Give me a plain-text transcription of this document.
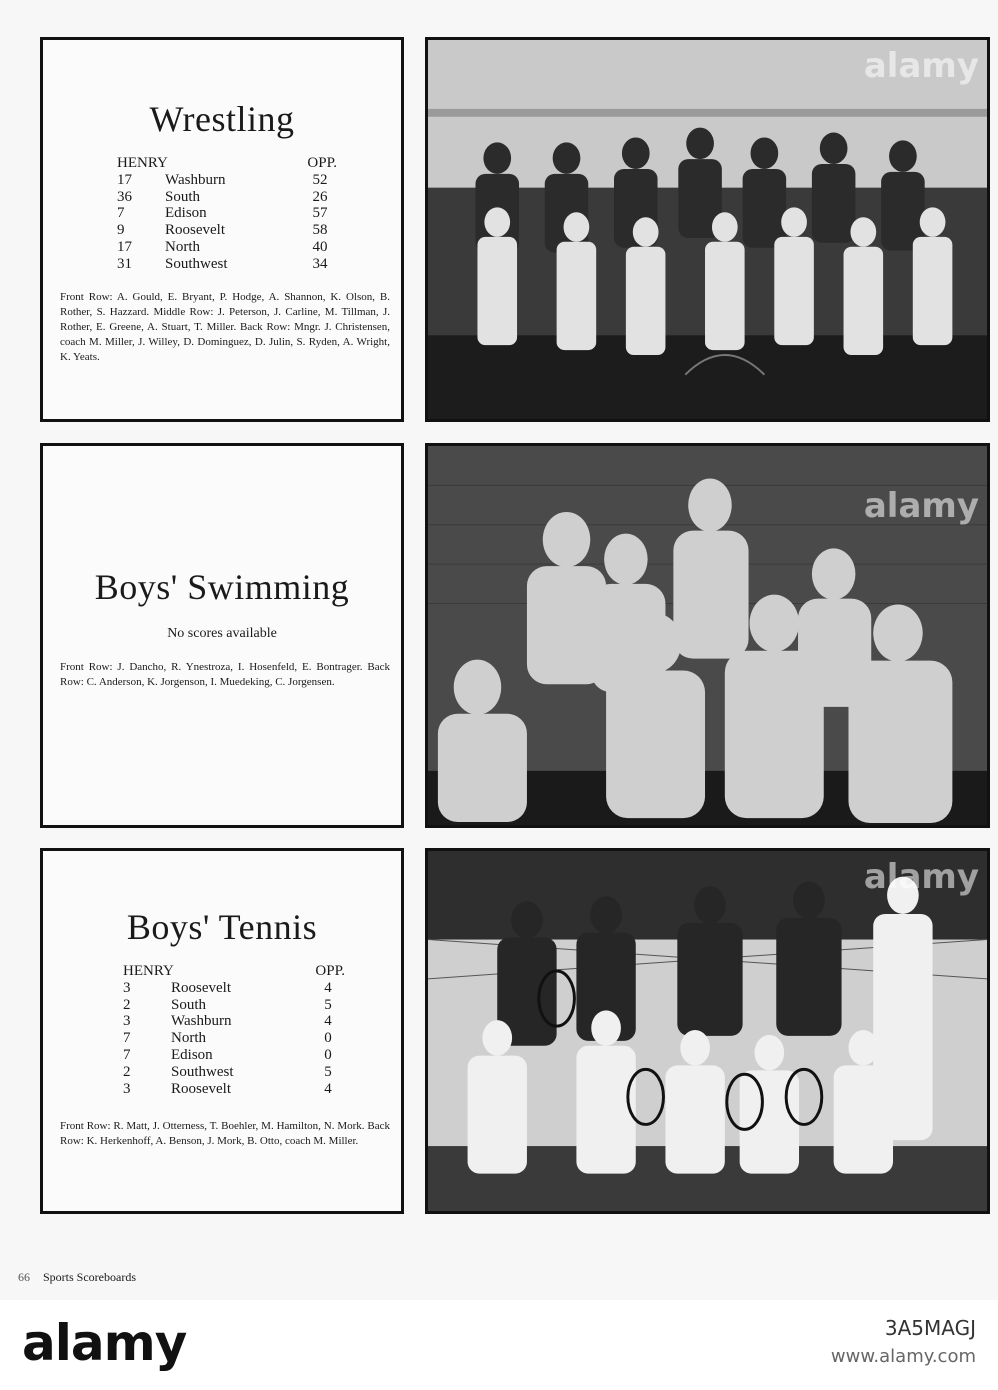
Wrestling
HENRY	OPP.
17	Washburn	52
36	South	26
7	Edison	57
9	Roosevelt	58
17	North	40
31	Southwest	34
Front Row: A. Gould, E. Bryant, P. Hodge, A. Shannon, K. Olson, B. Rother, S. Hazzard. Middle Row: J. Peterson, J. Carline, M. Tillman, J. Rother, E. Greene, A. Stuart, T. Miller. Back Row: Mngr. J. Christensen, coach M. Miller, J. Willey, D. Dominguez, D. Julin, S. Ryden, A. Wright, K. Yeats.
alamy
Boys' Swimming
No scores available
Front Row: J. Dancho, R. Ynestroza, I. Hosenfeld, E. Bontrager. Back Row: C. Anderson, K. Jorgenson, I. Muedeking, C. Jorgensen.
alamy
Boys' Tennis
HENRY	OPP.
3	Roosevelt	4
2	South	5
3	Washburn	4
7	North	0
7	Edison	0
2	Southwest	5
3	Roosevelt	4
Front Row: R. Matt, J. Otterness, T. Boehler, M. Hamilton, N. Mork. Back Row: K. Herkenhoff, A. Benson, J. Mork, B. Otto, coach M. Miller.
alamy
66 Sports Scoreboards
alamy	3A5MAGJ
www.alamy.com
